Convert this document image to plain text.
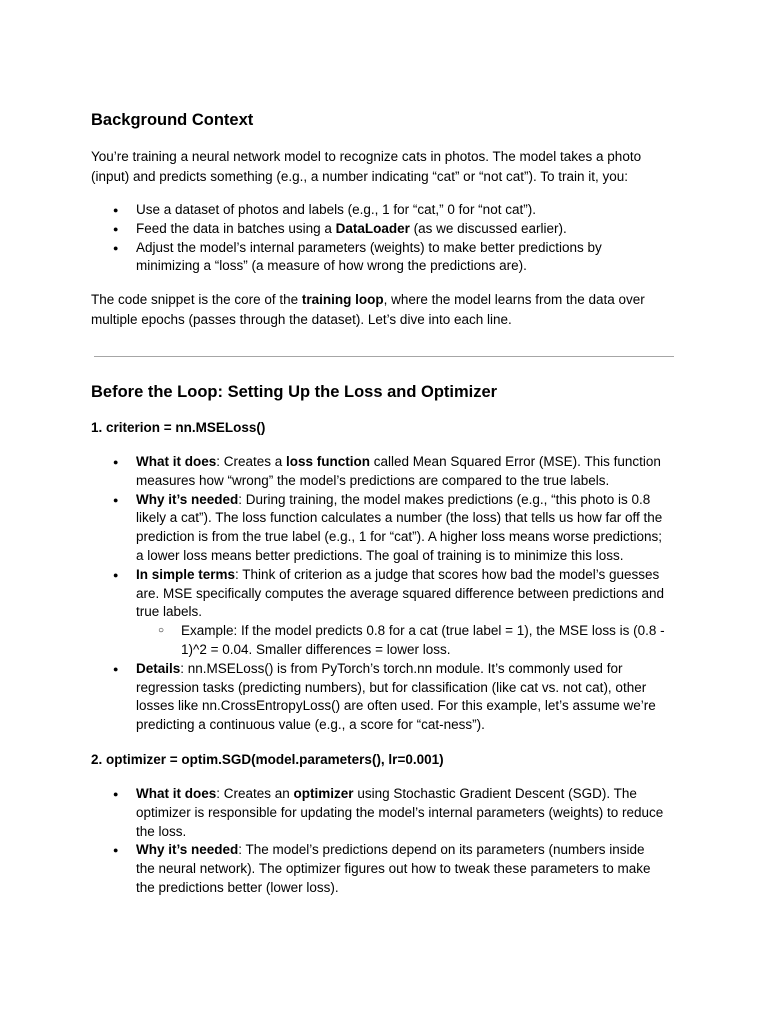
Background Context

You’re training a neural network model to recognize cats in photos. The model takes a photo
(input) and predicts something (e.g., a number indicating “cat” or “not cat”). To train it, you:

● Use a dataset of photos and labels (e.g., 1 for “cat,” 0 for “not cat”).
● Feed the data in batches using a DataLoader (as we discussed earlier).
● Adjust the model’s internal parameters (weights) to make better predictions by
minimizing a “loss” (a measure of how wrong the predictions are).

The code snippet is the core of the training loop, where the model learns from the data over
multiple epochs (passes through the dataset). Let’s dive into each line.

Before the Loop: Setting Up the Loss and Optimizer
1. criterion = nn.MSELoss()
● What it does: Creates a loss function called Mean Squared Error (MSE). This function
measures how “wrong” the model’s predictions are compared to the true labels.
● Why it’s needed: During training, the model makes predictions (e.g., “this photo is 0.8
likely a cat”). The loss function calculates a number (the loss) that tells us how far off the
prediction is from the true label (e.g., 1 for “cat”). A higher loss means worse predictions;
a lower loss means better predictions. The goal of training is to minimize this loss.
● In simple terms: Think of criterion as a judge that scores how bad the model’s guesses
are. MSE specifically computes the average squared difference between predictions and
true labels.
○ Example: If the model predicts 0.8 for a cat (true label = 1), the MSE loss is (0.8 -
1)^2 = 0.04. Smaller differences = lower loss.
● Details: nn.MSELoss() is from PyTorch’s torch.nn module. It’s commonly used for
regression tasks (predicting numbers), but for classification (like cat vs. not cat), other
losses like nn.CrossEntropyLoss() are often used. For this example, let’s assume we’re
predicting a continuous value (e.g., a score for “cat-ness”).
2. optimizer = optim.SGD(model.parameters(), lr=0.001)
● What it does: Creates an optimizer using Stochastic Gradient Descent (SGD). The
optimizer is responsible for updating the model’s internal parameters (weights) to reduce
the loss.
● Why it’s needed: The model’s predictions depend on its parameters (numbers inside
the neural network). The optimizer figures out how to tweak these parameters to make
the predictions better (lower loss).
